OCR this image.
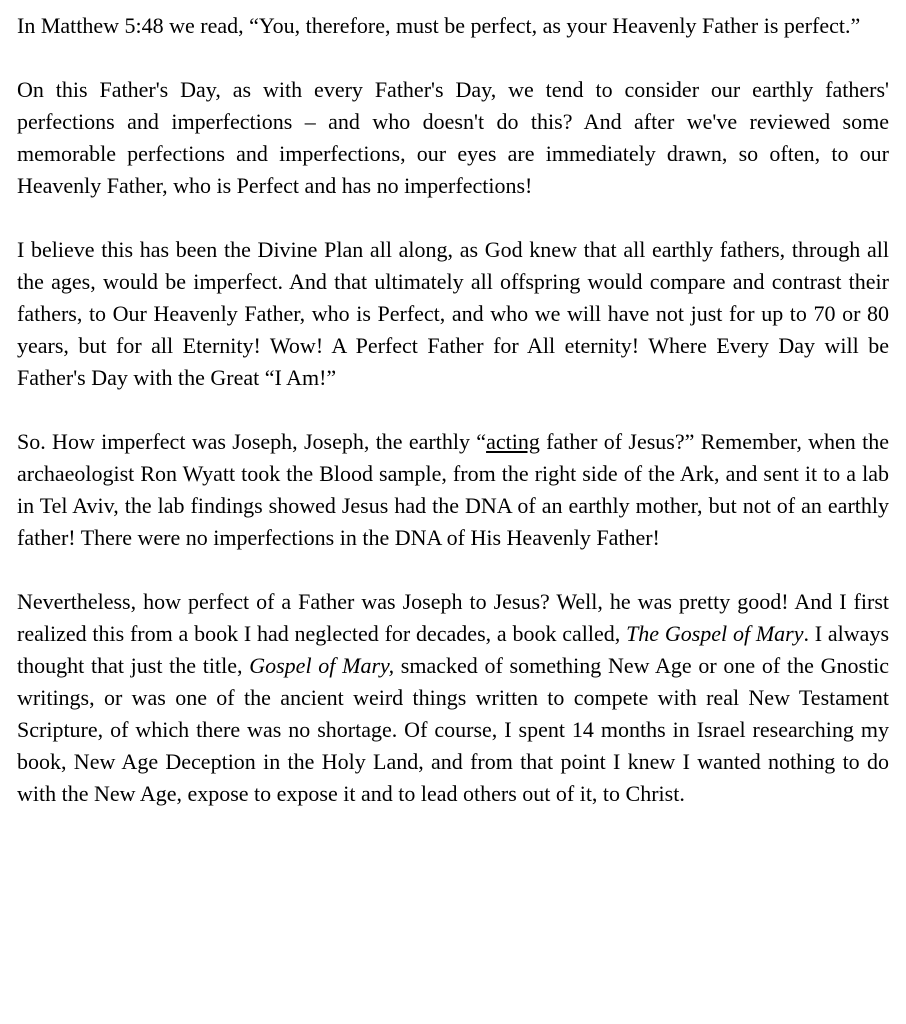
In Matthew 5:48 we read, “You, therefore, must be perfect, as your Heavenly Father is perfect.”

On this Father's Day, as with every Father's Day, we tend to consider our earthly fathers' perfections and imperfections – and who doesn't do this? And after we've reviewed some memorable perfections and imperfections, our eyes are immediately drawn, so often, to our Heavenly Father, who is Perfect and has no imperfections!

I believe this has been the Divine Plan all along, as God knew that all earthly fathers, through all the ages, would be imperfect. And that ultimately all offspring would compare and contrast their fathers, to Our Heavenly Father, who is Perfect, and who we will have not just for up to 70 or 80 years, but for all Eternity! Wow! A Perfect Father for All eternity! Where Every Day will be Father's Day with the Great “I Am!”

So. How imperfect was Joseph, Joseph, the earthly “acting father of Jesus?” Remember, when the archaeologist Ron Wyatt took the Blood sample, from the right side of the Ark, and sent it to a lab in Tel Aviv, the lab findings showed Jesus had the DNA of an earthly mother, but not of an earthly father! There were no imperfections in the DNA of His Heavenly Father!

Nevertheless, how perfect of a Father was Joseph to Jesus? Well, he was pretty good! And I first realized this from a book I had neglected for decades, a book called, The Gospel of Mary. I always thought that just the title, Gospel of Mary, smacked of something New Age or one of the Gnostic writings, or was one of the ancient weird things written to compete with real New Testament Scripture, of which there was no shortage. Of course, I spent 14 months in Israel researching my book, New Age Deception in the Holy Land, and from that point I knew I wanted nothing to do with the New Age, expose to expose it and to lead others out of it, to Christ.
